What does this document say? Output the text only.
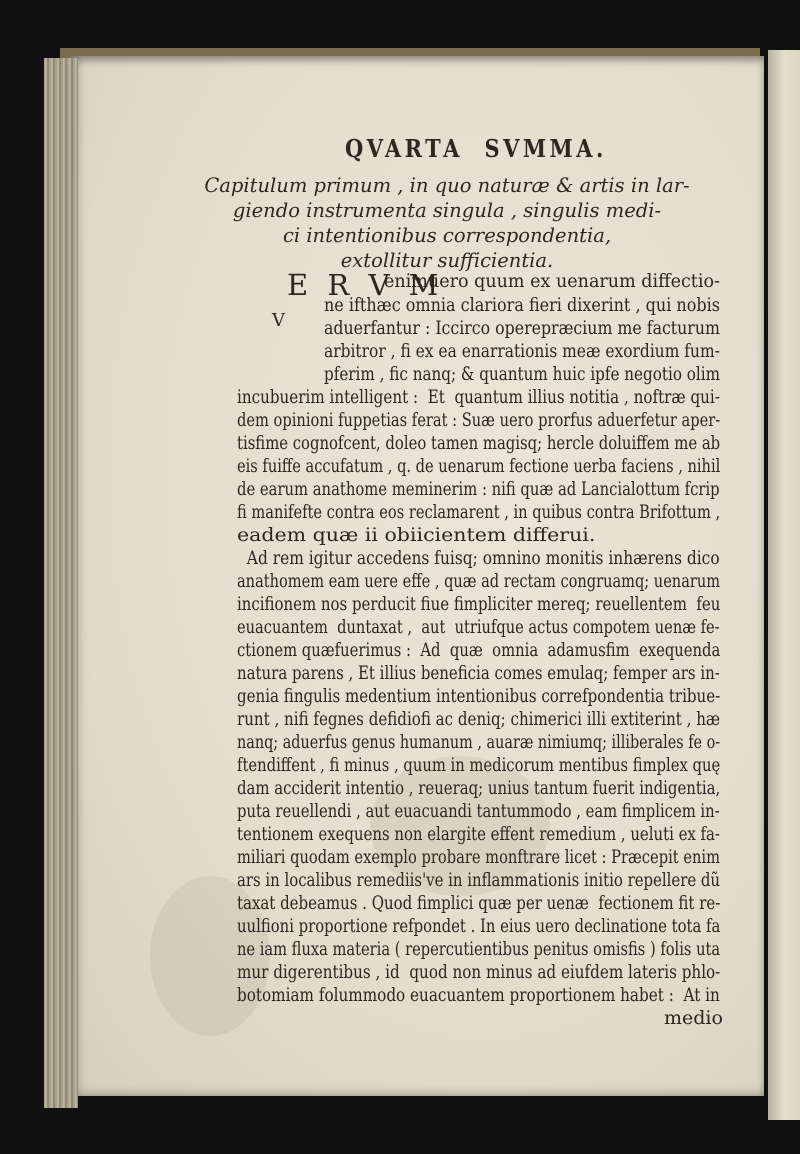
QVARTA  SVMMA.
Capitulum primum , in quo naturæ & artis in lar-
giendo instrumenta singula , singulis medi-
ci intentionibus correspondentia,
extollitur sufficientia.
E R V M
V
enimuero quum ex uenarum diffectio-
ne ifthæc omnia clariora fieri dixerint , qui nobis
aduerfantur : Iccirco operepræcium me facturum
arbitror , fi ex ea enarrationis meæ exordium fum-
pferim , fic nanq; & quantum huic ipfe negotio olim
incubuerim intelligent :  Et  quantum illius notitia , noftræ qui-
dem opinioni fuppetias ferat : Suæ uero prorfus aduerfetur aper-
tisfime cognofcent, doleo tamen magisq; hercle doluiffem me ab
eis fuiffe accufatum , q. de uenarum fectione uerba faciens , nihil
de earum anathome meminerim : nifi quæ ad Lancialottum fcrip
fi manifefte contra eos reclamarent , in quibus contra Brifottum ,
eadem quæ ii obiicientem differui.
Ad rem igitur accedens fuisq; omnino monitis inhærens dico
anathomem eam uere effe , quæ ad rectam congruamq; uenarum
incifionem nos perducit fiue fimpliciter mereq; reuellentem  feu
euacuantem  duntaxat ,  aut  utriufque actus compotem uenæ fe-
ctionem quæfuerimus :  Ad  quæ  omnia  adamusfim  exequenda
natura parens , Et illius beneficia comes emulaq; femper ars in-
genia fingulis medentium intentionibus correfpondentia tribue-
runt , nifi fegnes defidiofi ac deniq; chimerici illi extiterint , hæ
nanq; aduerfus genus humanum , auaræ nimiumq; illiberales fe o-
ftendiffent , fi minus , quum in medicorum mentibus fimplex quę
dam acciderit intentio , reueraq; unius tantum fuerit indigentia,
puta reuellendi , aut euacuandi tantummodo , eam fimplicem in-
tentionem exequens non elargite effent remedium , ueluti ex fa-
miliari quodam exemplo probare monftrare licet : Præcepit enim
ars in localibus remediis've in inflammationis initio repellere dũ
taxat debeamus . Quod fimplici quæ per uenæ  fectionem fit re-
uulfioni proportione refpondet . In eius uero declinatione tota fa
ne iam fluxa materia ( repercutientibus penitus omisfis ) folis uta
mur digerentibus , id  quod non minus ad eiufdem lateris phlo-
botomiam folummodo euacuantem proportionem habet :  At in
medio
